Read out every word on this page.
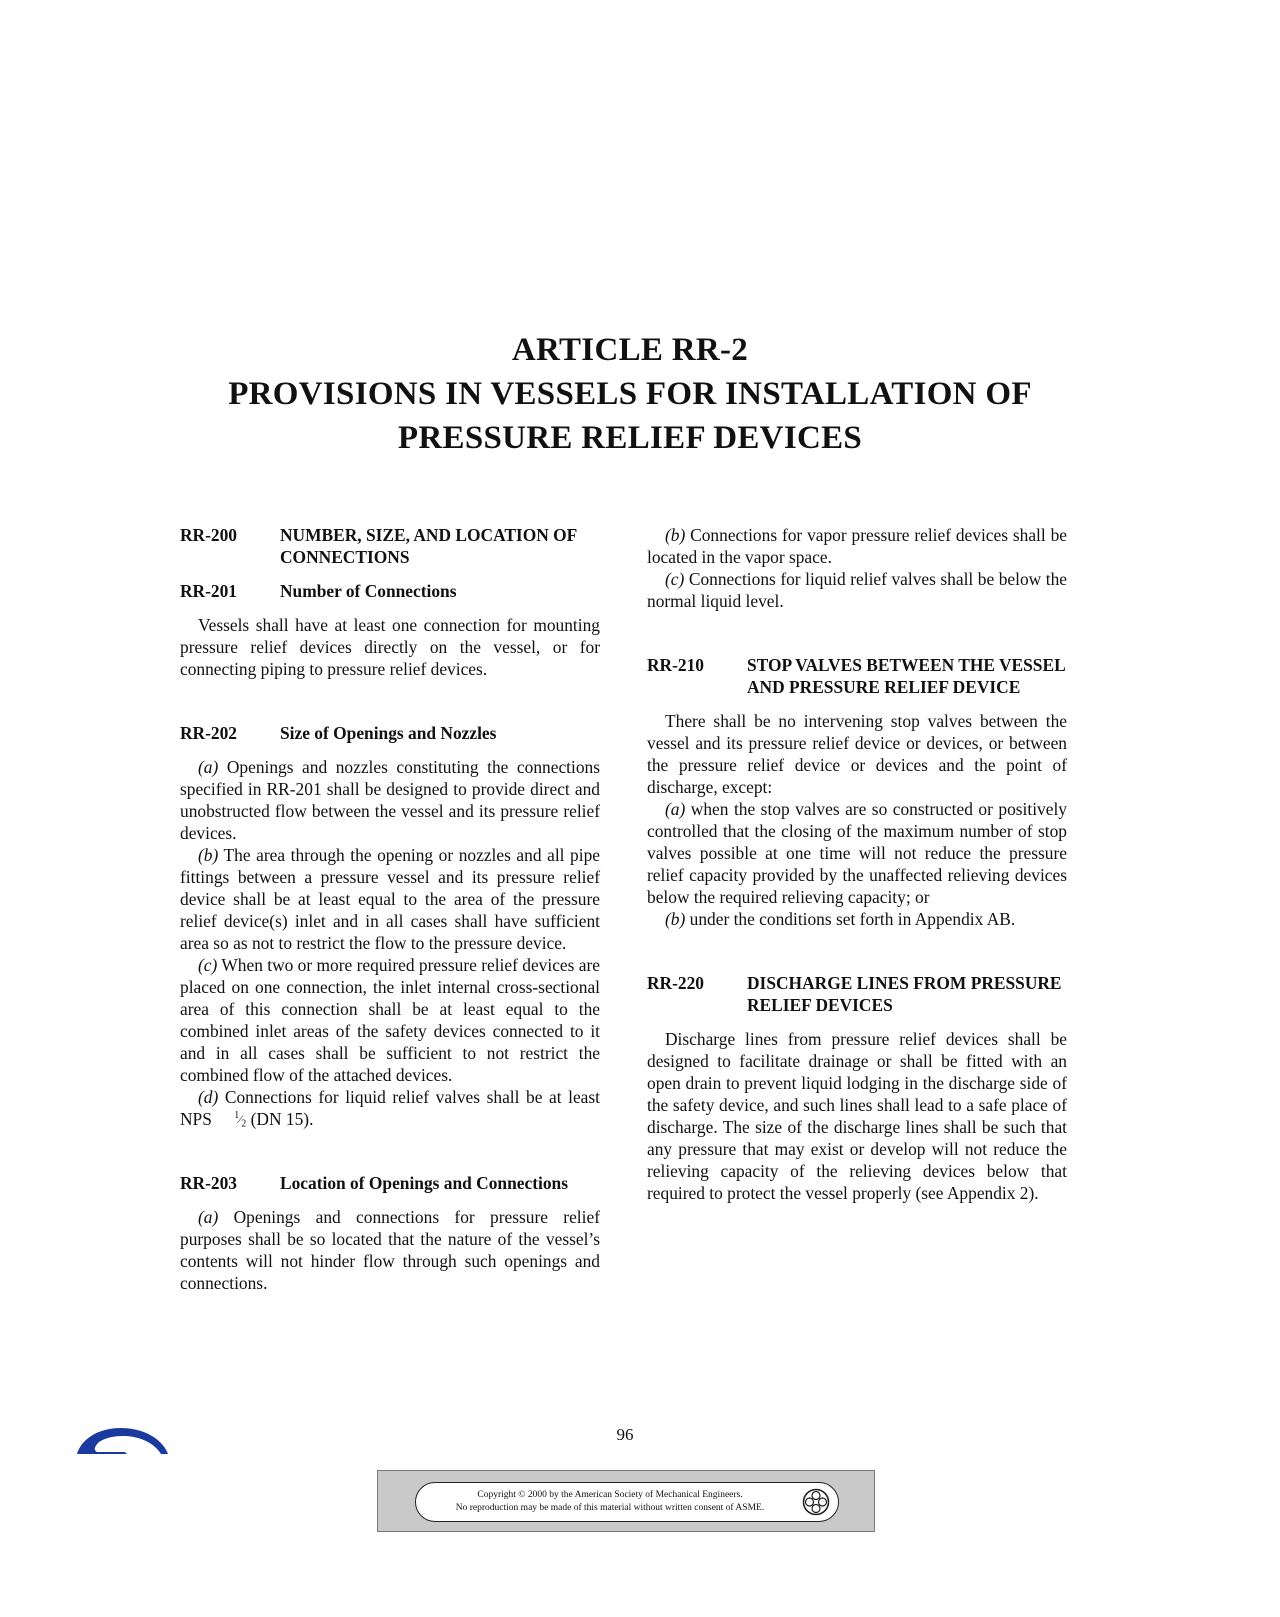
ARTICLE RR-2
PROVISIONS IN VESSELS FOR INSTALLATION OF
PRESSURE RELIEF DEVICES
RR-200	NUMBER, SIZE, AND LOCATION OF CONNECTIONS
RR-201	Number of Connections

Vessels shall have at least one connection for mounting pressure relief devices directly on the vessel, or for connecting piping to pressure relief devices.

RR-202	Size of Openings and Nozzles

(a) Openings and nozzles constituting the connections specified in RR-201 shall be designed to provide direct and unobstructed flow between the vessel and its pressure relief devices.

(b) The area through the opening or nozzles and all pipe fittings between a pressure vessel and its pressure relief device shall be at least equal to the area of the pressure relief device(s) inlet and in all cases shall have sufficient area so as not to restrict the flow to the pressure device.

(c) When two or more required pressure relief devices are placed on one connection, the inlet internal cross-sectional area of this connection shall be at least equal to the combined inlet areas of the safety devices connected to it and in all cases shall be sufficient to not restrict the combined flow of the attached devices.

(d) Connections for liquid relief valves shall be at least NPS $^1⁄_2$ (DN 15).

RR-203	Location of Openings and Connections

(a) Openings and connections for pressure relief purposes shall be so located that the nature of the vessel’s contents will not hinder flow through such openings and connections.

(b) Connections for vapor pressure relief devices shall be located in the vapor space.

(c) Connections for liquid relief valves shall be below the normal liquid level.

RR-210	STOP VALVES BETWEEN THE VESSEL AND PRESSURE RELIEF DEVICE

There shall be no intervening stop valves between the vessel and its pressure relief device or devices, or between the pressure relief device or devices and the point of discharge, except:

(a) when the stop valves are so constructed or positively controlled that the closing of the maximum number of stop valves possible at one time will not reduce the pressure relief capacity provided by the unaffected relieving devices below the required relieving capacity; or

(b) under the conditions set forth in Appendix AB.

RR-220	DISCHARGE LINES FROM PRESSURE RELIEF DEVICES

Discharge lines from pressure relief devices shall be designed to facilitate drainage or shall be fitted with an open drain to prevent liquid lodging in the discharge side of the safety device, and such lines shall lead to a safe place of discharge. The size of the discharge lines shall be such that any pressure that may exist or develop will not reduce the relieving capacity of the relieving devices below that required to protect the vessel properly (see Appendix 2).

96
Copyright © 2000 by the American Society of Mechanical Engineers.
No reproduction may be made of this material without written consent of ASME.
